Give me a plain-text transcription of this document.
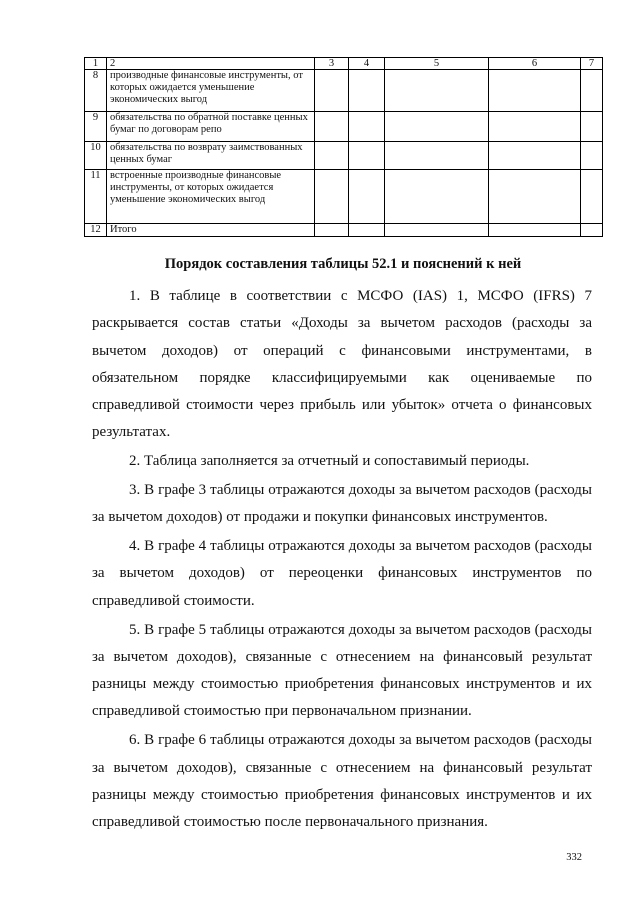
1	2	3	4	5	6	7
8	производные финансовые инструменты, от которых ожидается уменьшение экономических выгод					
9	обязательства по обратной поставке ценных бумаг по договорам репо					
10	обязательства по возврату заимствованных ценных бумаг					
11	встроенные производные финансовые инструменты, от которых ожидается уменьшение экономических выгод					
12	Итого					
Порядок составления таблицы 52.1 и пояснений к ней

1. В таблице в соответствии с МСФО (IAS) 1, МСФО (IFRS) 7 раскрывается состав статьи «Доходы за вычетом расходов (расходы за вычетом доходов) от операций с финансовыми инструментами, в обязательном порядке классифицируемыми как оцениваемые по справедливой стоимости через прибыль или убыток» отчета о финансовых результатах.

2. Таблица заполняется за отчетный и сопоставимый периоды.

3. В графе 3 таблицы отражаются доходы за вычетом расходов (расходы за вычетом доходов) от продажи и покупки финансовых инструментов.

4. В графе 4 таблицы отражаются доходы за вычетом расходов (расходы за вычетом доходов) от переоценки финансовых инструментов по справедливой стоимости.

5. В графе 5 таблицы отражаются доходы за вычетом расходов (расходы за вычетом доходов), связанные с отнесением на финансовый результат разницы между стоимостью приобретения финансовых инструментов и их справедливой стоимостью при первоначальном признании.

6. В графе 6 таблицы отражаются доходы за вычетом расходов (расходы за вычетом доходов), связанные с отнесением на финансовый результат разницы между стоимостью приобретения финансовых инструментов и их справедливой стоимостью после первоначального признания.

332
